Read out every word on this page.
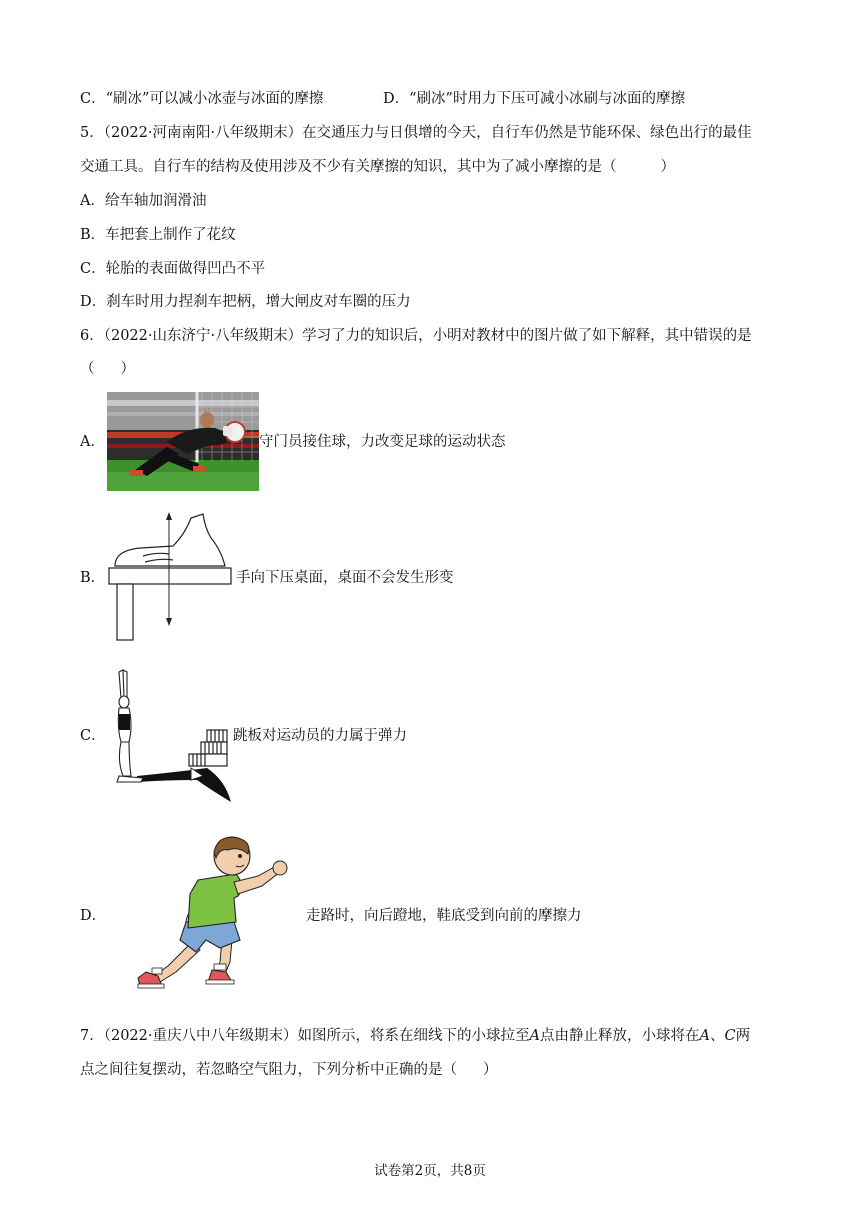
C．“刷冰”可以减小冰壶与冰面的摩擦	D．“刷冰”时用力下压可减小冰刷与冰面的摩擦
5．（2022·河南南阳·八年级期末）在交通压力与日俱增的今天，自行车仍然是节能环保、绿色出行的最佳
交通工具。自行车的结构及使用涉及不少有关摩擦的知识，其中为了减小摩擦的是（	）
A．给车轴加润滑油
B．车把套上制作了花纹
C．轮胎的表面做得凹凸不平
D．刹车时用力捏刹车把柄，增大闸皮对车圈的压力
6．（2022·山东济宁·八年级期末）学习了力的知识后，小明对教材中的图片做了如下解释，其中错误的是
（ ）
A．	守门员接住球，力改变足球的运动状态
B．	手向下压桌面，桌面不会发生形变
C．	跳板对运动员的力属于弹力
D．	走路时，向后蹬地，鞋底受到向前的摩擦力
7．（2022·重庆八中八年级期末）如图所示，将系在细线下的小球拉至A点由静止释放，小球将在A、C两
点之间往复摆动，若忽略空气阻力，下列分析中正确的是（ ）
试卷第2页，共8页
